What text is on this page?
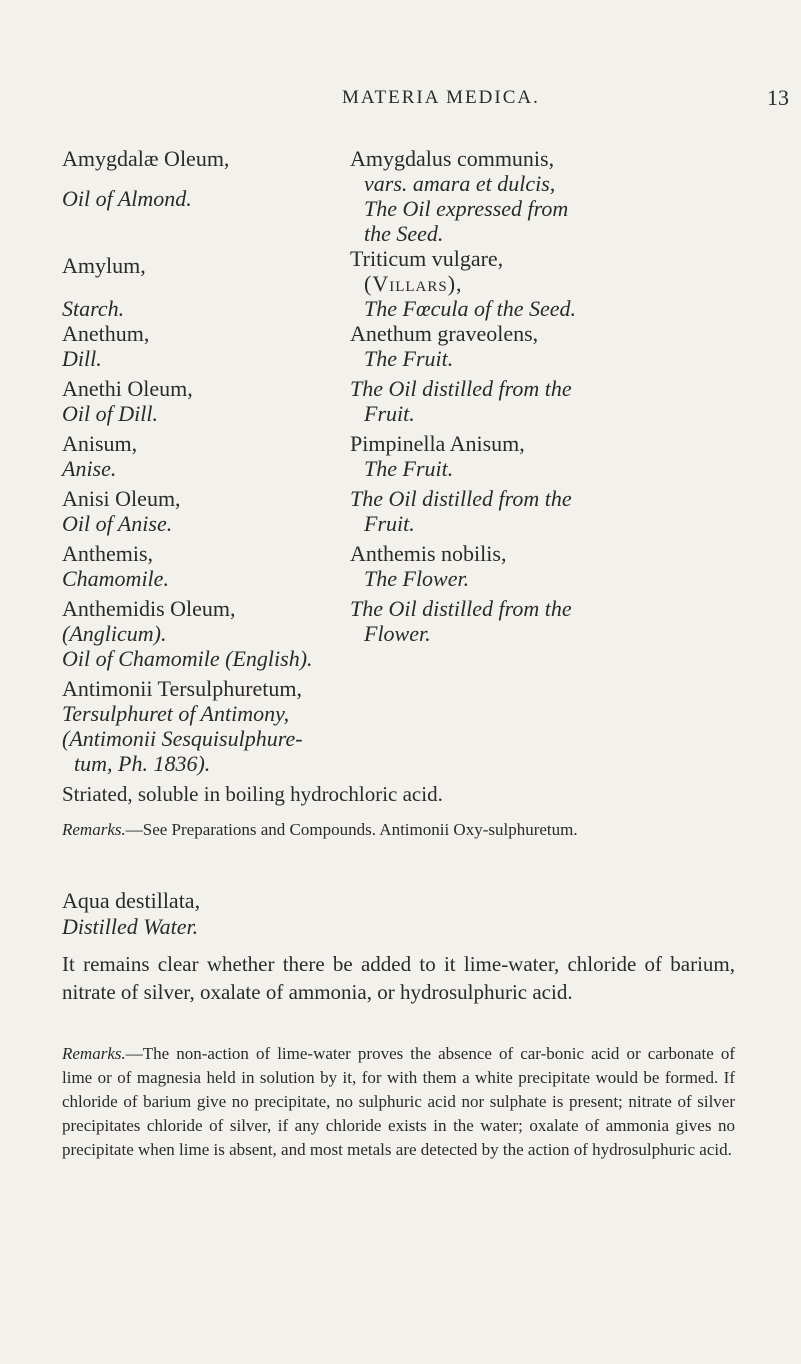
MATERIA MEDICA.	13
Amygdalæ Oleum,
Oil of Almond.
Amygdalus communis,
vars. amara et dulcis,
The Oil expressed from
the Seed.
Amylum,
Starch.
Triticum vulgare,
(Villars),
The Fœcula of the Seed.
Anethum,
Dill.
Anethum graveolens,
The Fruit.
Anethi Oleum,
Oil of Dill.
The Oil distilled from the
Fruit.
Anisum,
Anise.
Pimpinella Anisum,
The Fruit.
Anisi Oleum,
Oil of Anise.
The Oil distilled from the
Fruit.
Anthemis,
Chamomile.
Anthemis nobilis,
The Flower.
Anthemidis Oleum,
(Anglicum).
Oil of Chamomile (English).
The Oil distilled from the
Flower.
Antimonii Tersulphuretum,
Tersulphuret of Antimony,
(Antimonii Sesquisulphure-
tum, Ph. 1836).
Striated, soluble in boiling hydrochloric acid.
Remarks.—See Preparations and Compounds. Antimonii Oxy-sulphuretum.
Aqua destillata,
Distilled Water.
It remains clear whether there be added to it lime-water, chloride of barium, nitrate of silver, oxalate of ammonia, or hydrosulphuric acid.
Remarks.—The non-action of lime-water proves the absence of car-bonic acid or carbonate of lime or of magnesia held in solution by it, for with them a white precipitate would be formed. If chloride of barium give no precipitate, no sulphuric acid nor sulphate is present; nitrate of silver precipitates chloride of silver, if any chloride exists in the water; oxalate of ammonia gives no precipitate when lime is absent, and most metals are detected by the action of hydrosulphuric acid.
